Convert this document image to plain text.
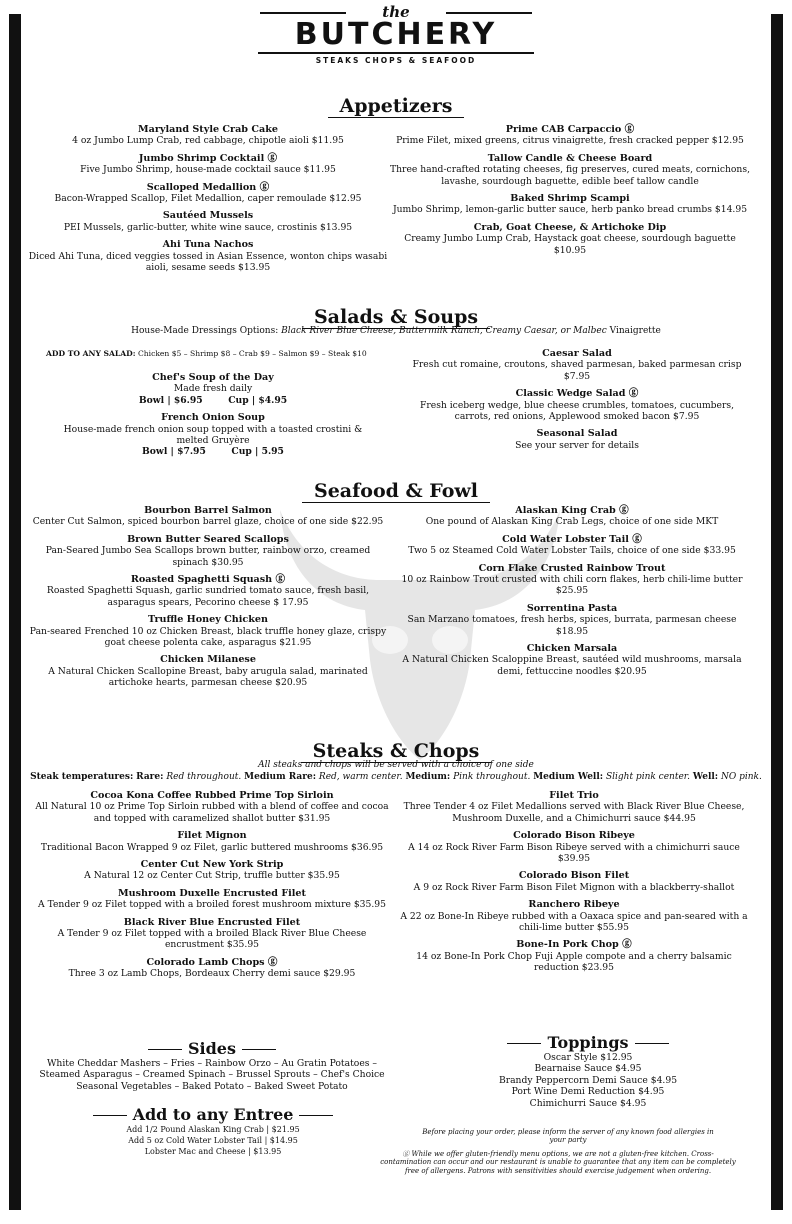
the
BUTCHERY
STEAKS CHOPS & SEAFOOD
Appetizers
Maryland Style Crab Cake
4 oz Jumbo Lump Crab, red cabbage, chipotle aioli $11.95
Jumbo Shrimp Cocktail ⓖ
Five Jumbo Shrimp, house-made cocktail sauce $11.95
Scalloped Medallion ⓖ
Bacon-Wrapped Scallop, Filet Medallion, caper remoulade $12.95
Sautéed Mussels
PEI Mussels, garlic-butter, white wine sauce, crostinis $13.95
Ahi Tuna Nachos
Diced Ahi Tuna, diced veggies tossed in Asian Essence, wonton chips wasabi aioli, sesame seeds $13.95
Prime CAB Carpaccio ⓖ
Prime Filet, mixed greens, citrus vinaigrette, fresh cracked pepper $12.95
Tallow Candle & Cheese Board
Three hand-crafted rotating cheeses, fig preserves, cured meats, cornichons, lavashe, sourdough baguette, edible beef tallow candle
Baked Shrimp Scampi
Jumbo Shrimp, lemon-garlic butter sauce, herb panko bread crumbs $14.95
Crab, Goat Cheese, & Artichoke Dip
Creamy Jumbo Lump Crab, Haystack goat cheese, sourdough baguette $10.95
Salads & Soups
House-Made Dressings Options: Black River Blue Cheese, Buttermilk Ranch, Creamy Caesar, or Malbec Vinaigrette
ADD TO ANY SALAD: Chicken $5 – Shrimp $8 – Crab $9 – Salmon $9 – Steak $10
Chef's Soup of the Day
Made fresh daily
Bowl | $6.95        Cup | $4.95
French Onion Soup
House-made french onion soup topped with a toasted crostini & melted Gruyère
Bowl | $7.95        Cup | 5.95
Caesar Salad
Fresh cut romaine, croutons, shaved parmesan, baked parmesan crisp $7.95
Classic Wedge Salad ⓖ
Fresh iceberg wedge, blue cheese crumbles, tomatoes, cucumbers, carrots, red onions, Applewood smoked bacon $7.95
Seasonal Salad
See your server for details
Seafood & Fowl
Bourbon Barrel Salmon
Center Cut Salmon, spiced bourbon barrel glaze, choice of one side $22.95
Brown Butter Seared Scallops
Pan-Seared Jumbo Sea Scallops brown butter, rainbow orzo, creamed spinach $30.95
Roasted Spaghetti Squash ⓖ
Roasted Spaghetti Squash, garlic sundried tomato sauce, fresh basil, asparagus spears, Pecorino cheese $ 17.95
Truffle Honey Chicken
Pan-seared Frenched 10 oz Chicken Breast, black truffle honey glaze, crispy goat cheese polenta cake, asparagus $21.95
Chicken Milanese
A Natural Chicken Scallopine Breast, baby arugula salad, marinated artichoke hearts, parmesan cheese $20.95
Alaskan King Crab ⓖ
One pound of Alaskan King Crab Legs, choice of one side MKT
Cold Water Lobster Tail ⓖ
Two 5 oz Steamed Cold Water Lobster Tails, choice of one side $33.95
Corn Flake Crusted Rainbow Trout
10 oz Rainbow Trout crusted with chili corn flakes, herb chili-lime butter $25.95
Sorrentina Pasta
San Marzano tomatoes, fresh herbs, spices, burrata, parmesan cheese $18.95
Chicken Marsala
A Natural Chicken Scaloppine Breast, sautéed wild mushrooms, marsala demi, fettuccine noodles $20.95
Steaks & Chops
All steaks and chops will be served with a choice of one side
Steak temperatures: Rare: Red throughout. Medium Rare: Red, warm center. Medium: Pink throughout. Medium Well: Slight pink center. Well: NO pink.
Cocoa Kona Coffee Rubbed Prime Top Sirloin
All Natural 10 oz Prime Top Sirloin rubbed with a blend of coffee and cocoa and topped with caramelized shallot butter $31.95
Filet Mignon
Traditional Bacon Wrapped 9 oz Filet, garlic buttered mushrooms $36.95
Center Cut New York Strip
A Natural 12 oz Center Cut Strip, truffle butter $35.95
Mushroom Duxelle Encrusted Filet
A Tender 9 oz Filet topped with a broiled forest mushroom mixture $35.95
Black River Blue Encrusted Filet
A Tender 9 oz Filet topped with a broiled Black River Blue Cheese encrustment $35.95
Colorado Lamb Chops ⓖ
Three 3 oz Lamb Chops, Bordeaux Cherry demi sauce $29.95
Filet Trio
Three Tender 4 oz Filet Medallions served with Black River Blue Cheese, Mushroom Duxelle, and a Chimichurri sauce $44.95
Colorado Bison Ribeye
A 14 oz Rock River Farm Bison Ribeye served with a chimichurri sauce $39.95
Colorado Bison Filet
A 9 oz Rock River Farm Bison Filet Mignon with a blackberry-shallot
Ranchero Ribeye
A 22 oz Bone-In Ribeye rubbed with a Oaxaca spice and pan-seared with a chili-lime butter $55.95
Bone-In Pork Chop ⓖ
14 oz Bone-In Pork Chop Fuji Apple compote and a cherry balsamic reduction $23.95
Sides
White Cheddar Mashers – Fries – Rainbow Orzo – Au Gratin Potatoes –
Steamed Asparagus – Creamed Spinach – Brussel Sprouts – Chef's Choice
Seasonal Vegetables – Baked Potato – Baked Sweet Potato
Toppings
Oscar Style $12.95
Bearnaise Sauce $4.95
Brandy Peppercorn Demi Sauce $4.95
Port Wine Demi Reduction $4.95
Chimichurri Sauce $4.95
Add to any Entree
Add 1/2 Pound Alaskan King Crab | $21.95
Add 5 oz Cold Water Lobster Tail | $14.95
Lobster Mac and Cheese | $13.95
Before placing your order, please inform the server of any known food allergies in your party
ⓖ While we offer gluten-friendly menu options, we are not a gluten-free kitchen. Cross-contamination can occur and our restaurant is unable to guarantee that any item can be completely free of allergens. Patrons with sensitivities should exercise judgement when ordering.
